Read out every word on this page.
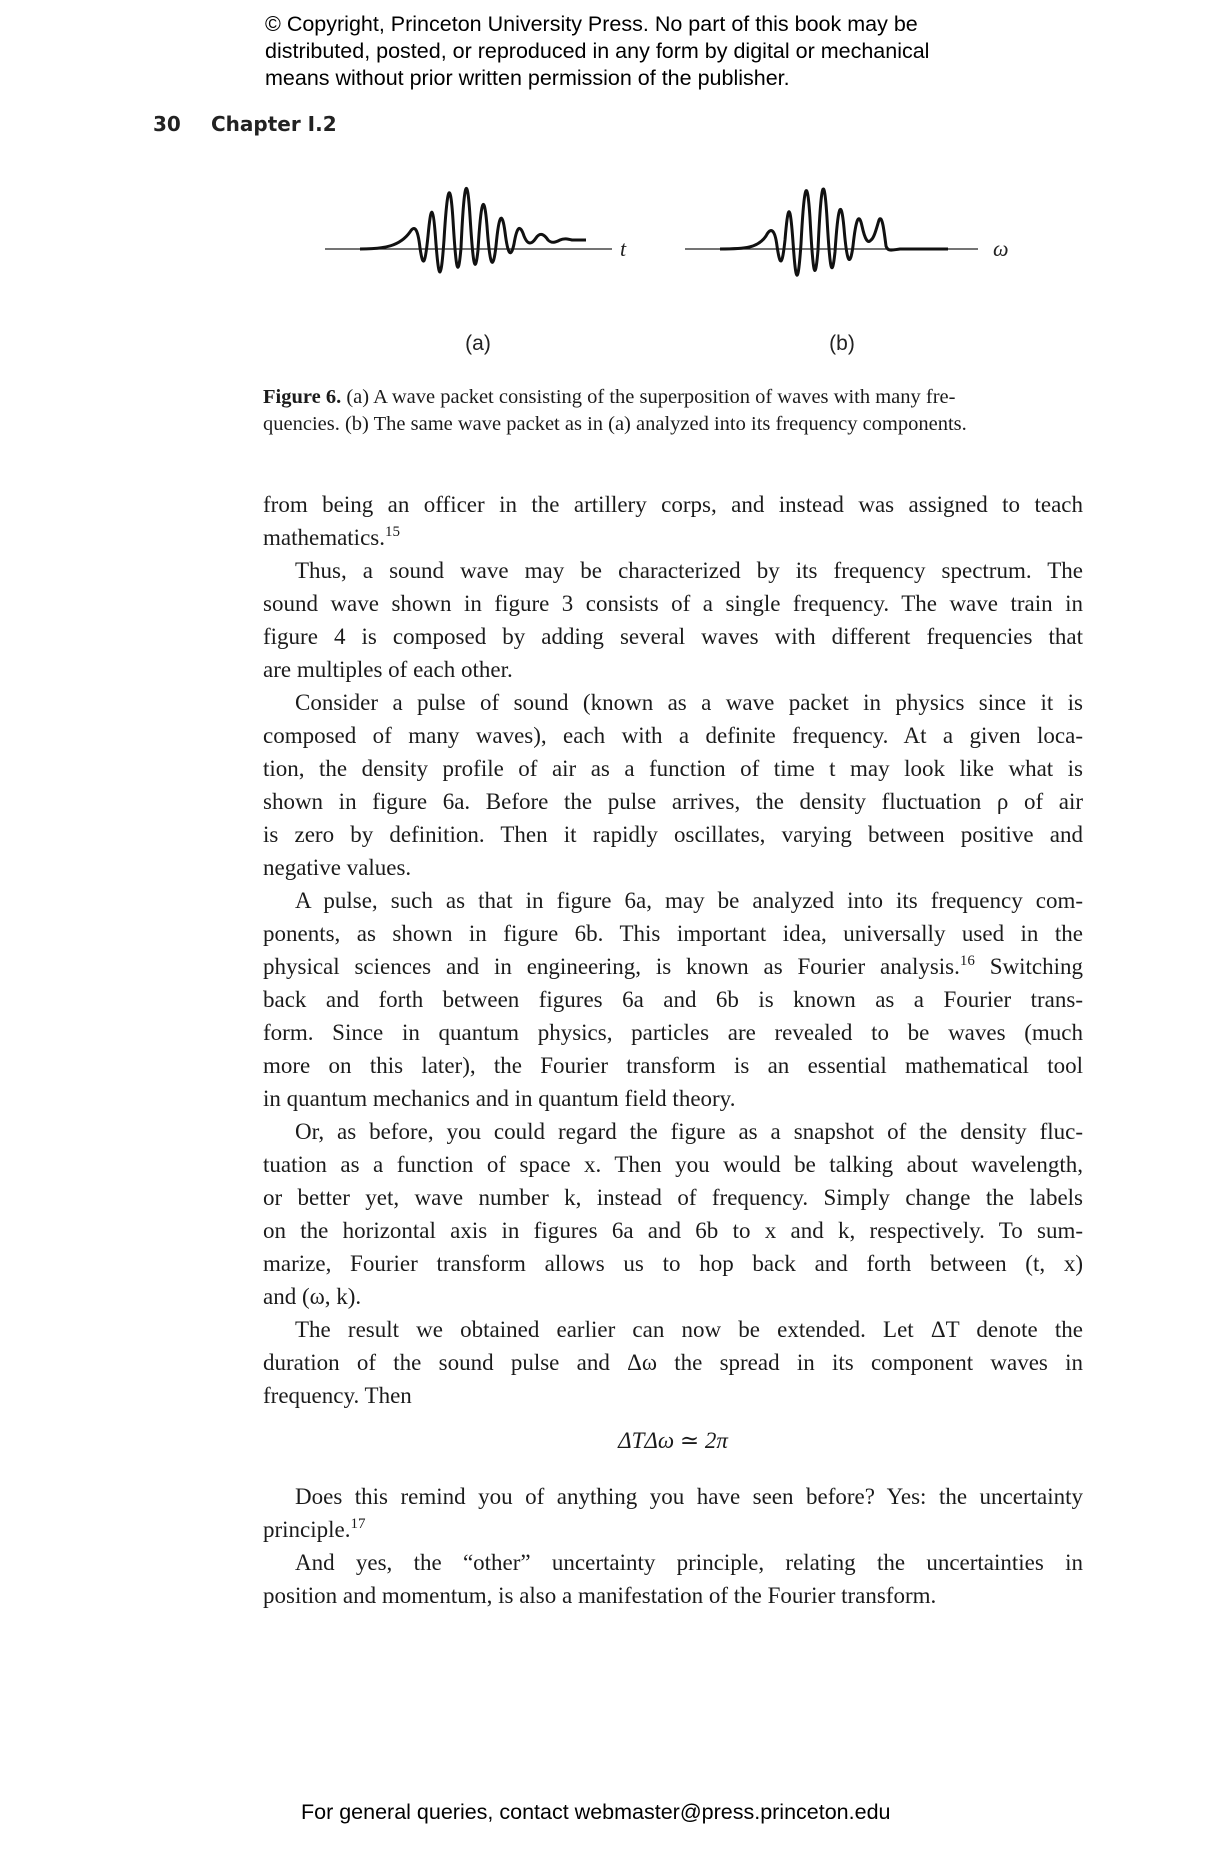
© Copyright, Princeton University Press. No part of this book may be
distributed, posted, or reproduced in any form by digital or mechanical
means without prior written permission of the publisher.
30 Chapter I.2
t
(a)
ω
(b)
Figure 6. (a) A wave packet consisting of the superposition of waves with many fre-
quencies. (b) The same wave packet as in (a) analyzed into its frequency components.
from being an officer in the artillery corps, and instead was assigned to teach
mathematics.$^{15}$
Thus, a sound wave may be characterized by its frequency spectrum. The
sound wave shown in figure 3 consists of a single frequency. The wave train in
figure 4 is composed by adding several waves with different frequencies that
are multiples of each other.
Consider a pulse of sound (known as a wave packet in physics since it is
composed of many waves), each with a definite frequency. At a given loca-
tion, the density profile of air as a function of time t may look like what is
shown in figure 6a. Before the pulse arrives, the density fluctuation ρ of air
is zero by definition. Then it rapidly oscillates, varying between positive and
negative values.
A pulse, such as that in figure 6a, may be analyzed into its frequency com-
ponents, as shown in figure 6b. This important idea, universally used in the
physical sciences and in engineering, is known as Fourier analysis.$^{16}$ Switching
back and forth between figures 6a and 6b is known as a Fourier trans-
form. Since in quantum physics, particles are revealed to be waves (much
more on this later), the Fourier transform is an essential mathematical tool
in quantum mechanics and in quantum field theory.
Or, as before, you could regard the figure as a snapshot of the density fluc-
tuation as a function of space x. Then you would be talking about wavelength,
or better yet, wave number k, instead of frequency. Simply change the labels
on the horizontal axis in figures 6a and 6b to x and k, respectively. To sum-
marize, Fourier transform allows us to hop back and forth between (t, x)
and (ω, k).
The result we obtained earlier can now be extended. Let ΔT denote the
duration of the sound pulse and Δω the spread in its component waves in
frequency. Then
ΔTΔω ≃ 2π
Does this remind you of anything you have seen before? Yes: the uncertainty
principle.$^{17}$
And yes, the “other” uncertainty principle, relating the uncertainties in
position and momentum, is also a manifestation of the Fourier transform.
For general queries, contact webmaster@press.princeton.edu
